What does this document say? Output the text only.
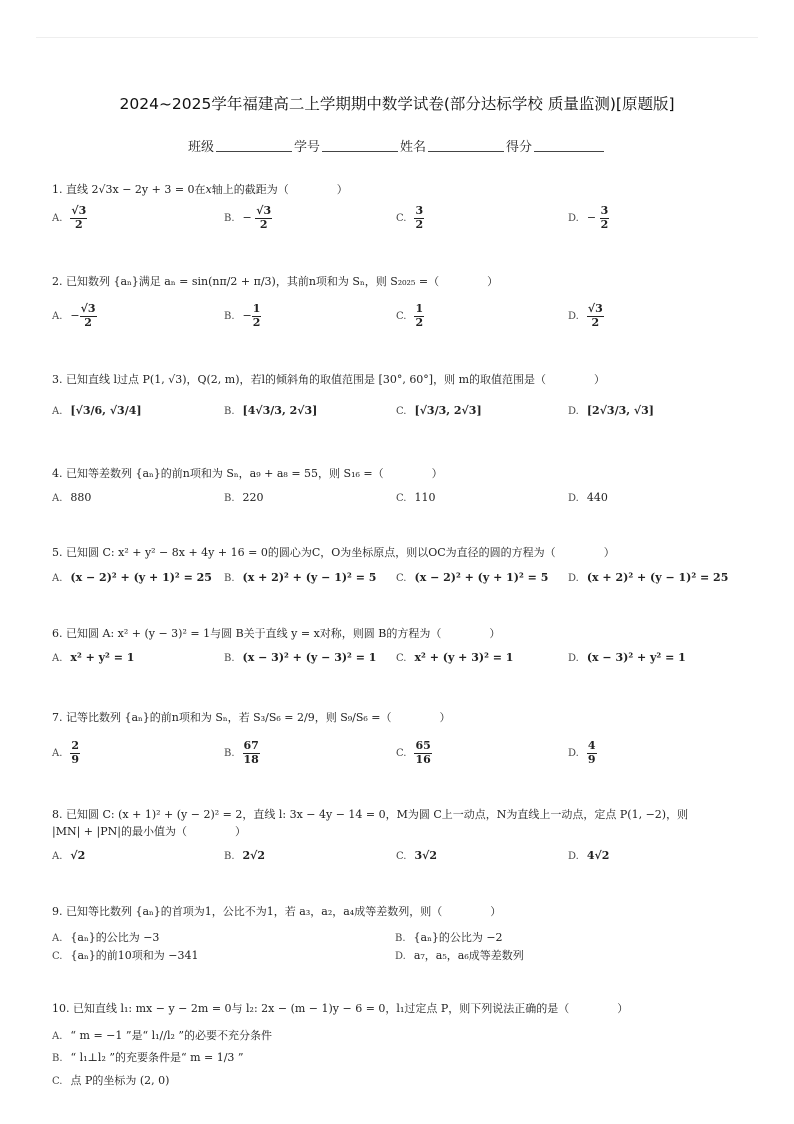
2024~2025学年福建高二上学期期中数学试卷(部分达标学校 质量监测)[原题版]
班级	学号	姓名	得分
1. 直线 2√3x − 2y + 3 = 0在x轴上的截距为（	）
A. $\frac{√3}{2}$	B. − $\frac{√3}{2}$	C. $\frac{3}{2}$	D. − $\frac{3}{2}$
2. 已知数列 {aₙ}满足 aₙ = sin(nπ/2 + π/3)，其前n项和为 Sₙ，则 S₂₀₂₅ =（	）
A. − $\frac{√3}{2}$	B. − $\frac{1}{2}$	C. $\frac{1}{2}$	D. $\frac{√3}{2}$
3. 已知直线 l过点 P(1, √3)，Q(2, m)，若l的倾斜角的取值范围是 [30°, 60°]，则 m的取值范围是（	）
A. [√3/6, √3/4]	B. [4√3/3, 2√3]	C. [√3/3, 2√3]	D. [2√3/3, √3]
4. 已知等差数列 {aₙ}的前n项和为 Sₙ，a₉ + a₈ = 55，则 S₁₆ =（	）
A. 880	B. 220	C. 110	D. 440
5. 已知圆 C: x² + y² − 8x + 4y + 16 = 0的圆心为C，O为坐标原点，则以OC为直径的圆的方程为（	）
A. (x − 2)² + (y + 1)² = 25 B. (x + 2)² + (y − 1)² = 5 C. (x − 2)² + (y + 1)² = 5 D. (x + 2)² + (y − 1)² = 25
6. 已知圆 A: x² + (y − 3)² = 1与圆 B关于直线 y = x对称，则圆 B的方程为（	）
A. x² + y² = 1	B. (x − 3)² + (y − 3)² = 1 C. x² + (y + 3)² = 1	D. (x − 3)² + y² = 1
7. 记等比数列 {aₙ}的前n项和为 Sₙ，若 S₃/S₆ = 2/9，则 S₉/S₆ =（	）
A. $\frac{2}{9}$	B. $\frac{67}{18}$	C. $\frac{65}{16}$	D. $\frac{4}{9}$
8. 已知圆 C: (x + 1)² + (y − 2)² = 2，直线 l: 3x − 4y − 14 = 0，M为圆 C上一动点，N为直线上一动点，定点 P(1, −2)，则
|MN| + |PN|的最小值为（	）
A. √2	B. 2√2	C. 3√2	D. 4√2
9. 已知等比数列 {aₙ}的首项为1，公比不为1，若 a₃，a₂，a₄成等差数列，则（	）
A. {aₙ}的公比为 −3	B. {aₙ}的公比为 −2
C. {aₙ}的前10项和为 −341	D. a₇，a₅，a₆成等差数列
10. 已知直线 l₁: mx − y − 2m = 0与 l₂: 2x − (m − 1)y − 6 = 0，l₁过定点 P，则下列说法正确的是（	）
A. “ m = −1 ”是“ l₁//l₂ ”的必要不充分条件
B. “ l₁⊥l₂ ”的充要条件是“ m = 1/3 ”
C. 点 P的坐标为 (2, 0)
